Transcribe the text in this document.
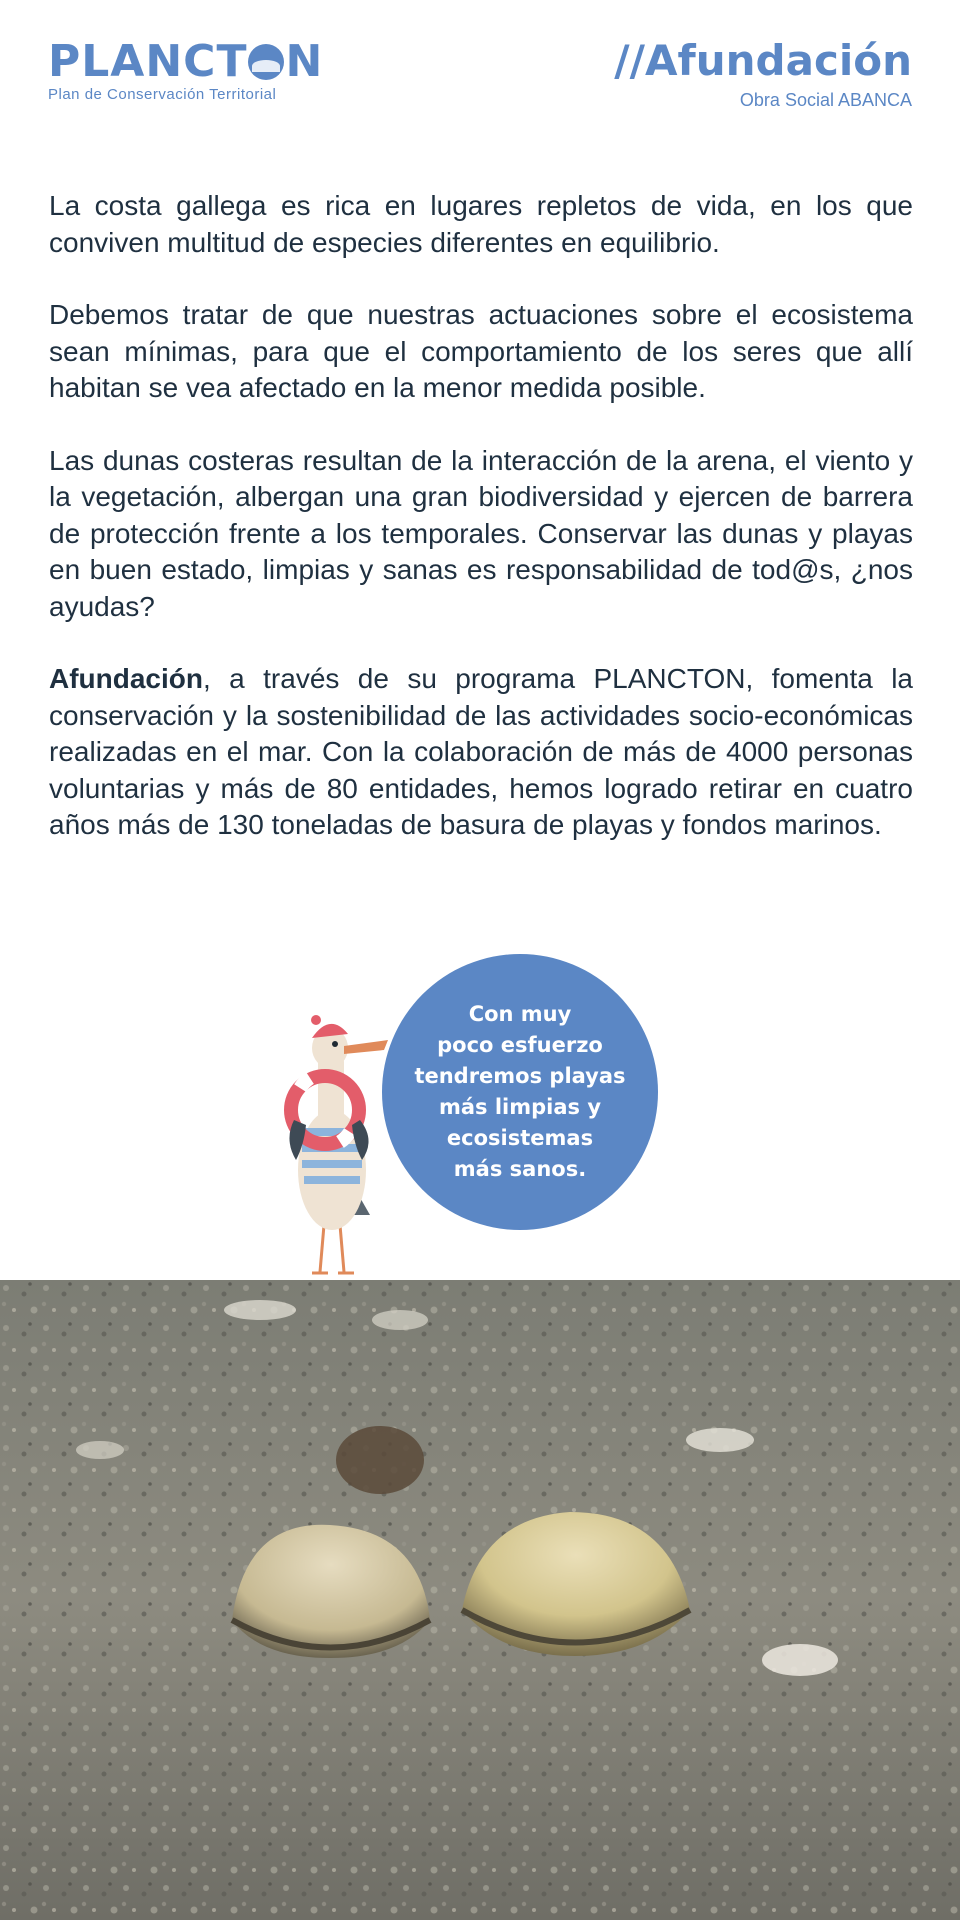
PLANCT N
Plan de Conservación Territorial
//Afundación
Obra Social ABANCA

La costa gallega es rica en lugares repletos de vida, en los que conviven multitud de especies diferentes en equilibrio.

Debemos tratar de que nuestras actuaciones sobre el ecosistema sean mínimas, para que el comportamiento de los seres que allí habitan se vea afectado en la menor medida posible.

Las dunas costeras resultan de la interacción de la arena, el viento y la vegetación, albergan una gran biodiversidad y ejercen de barrera de protección frente a los temporales. Conservar las dunas y playas en buen estado, limpias y sanas es responsabilidad de tod@s, ¿nos ayudas?

Afundación, a través de su programa PLANCTON, fomenta la conservación y la sostenibilidad de las actividades socio-económicas realizadas en el mar. Con la colaboración de más de 4000 personas voluntarias y más de 80 entidades, hemos logrado retirar en cuatro años más de 130 toneladas de basura de playas y fondos marinos.

Con muy
poco esfuerzo
tendremos playas
más limpias y
ecosistemas
más sanos.
